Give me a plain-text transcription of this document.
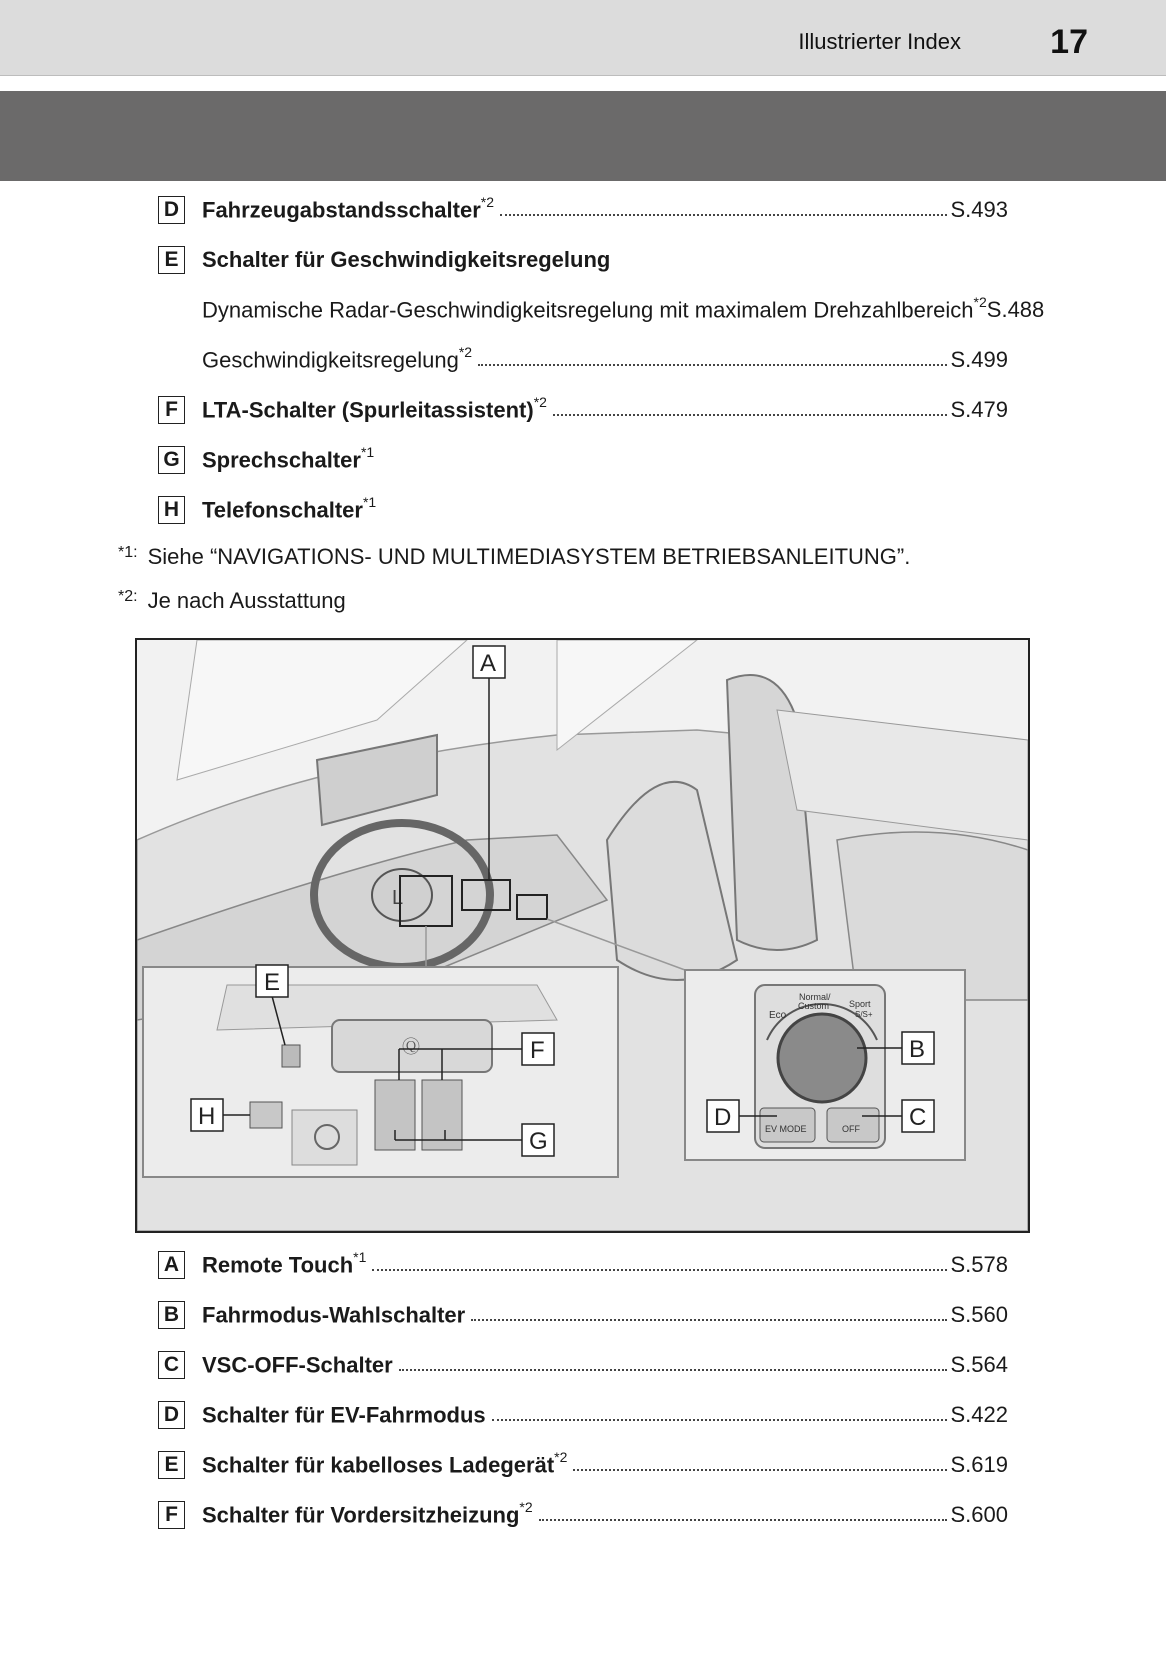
Illustrierter Index	17
D Fahrzeugabstandsschalter$^{*2}$	S.493
E Schalter für Geschwindigkeitsregelung
Dynamische Radar-Geschwindigkeitsregelung mit maximalem Drehzahlbereich$^{*2}$ S.488
Geschwindigkeitsregelung$^{*2}$	S.499
F	LTA-Schalter (Spurleitassistent)$^{*2}$	S.479
G Sprechschalter$^{*1}$
H Telefonschalter$^{*1}$
*1: Siehe “NAVIGATIONS- UND MULTIMEDIASYSTEM BETRIEBSANLEITUNG”.
*2: Je nach Ausstattung
L
A
Ⓠ
E
F
G
H
Normal/
Custom
Eco
Sport
S/S+
EV MODE	OFF
B
D	C
A Remote Touch$^{*1}$	S.578
B Fahrmodus-Wahlschalter	S.560
C VSC-OFF-Schalter	S.564
D Schalter für EV-Fahrmodus	S.422
E Schalter für kabelloses Ladegerät$^{*2}$	S.619
F	Schalter für Vordersitzheizung$^{*2}$	S.600
